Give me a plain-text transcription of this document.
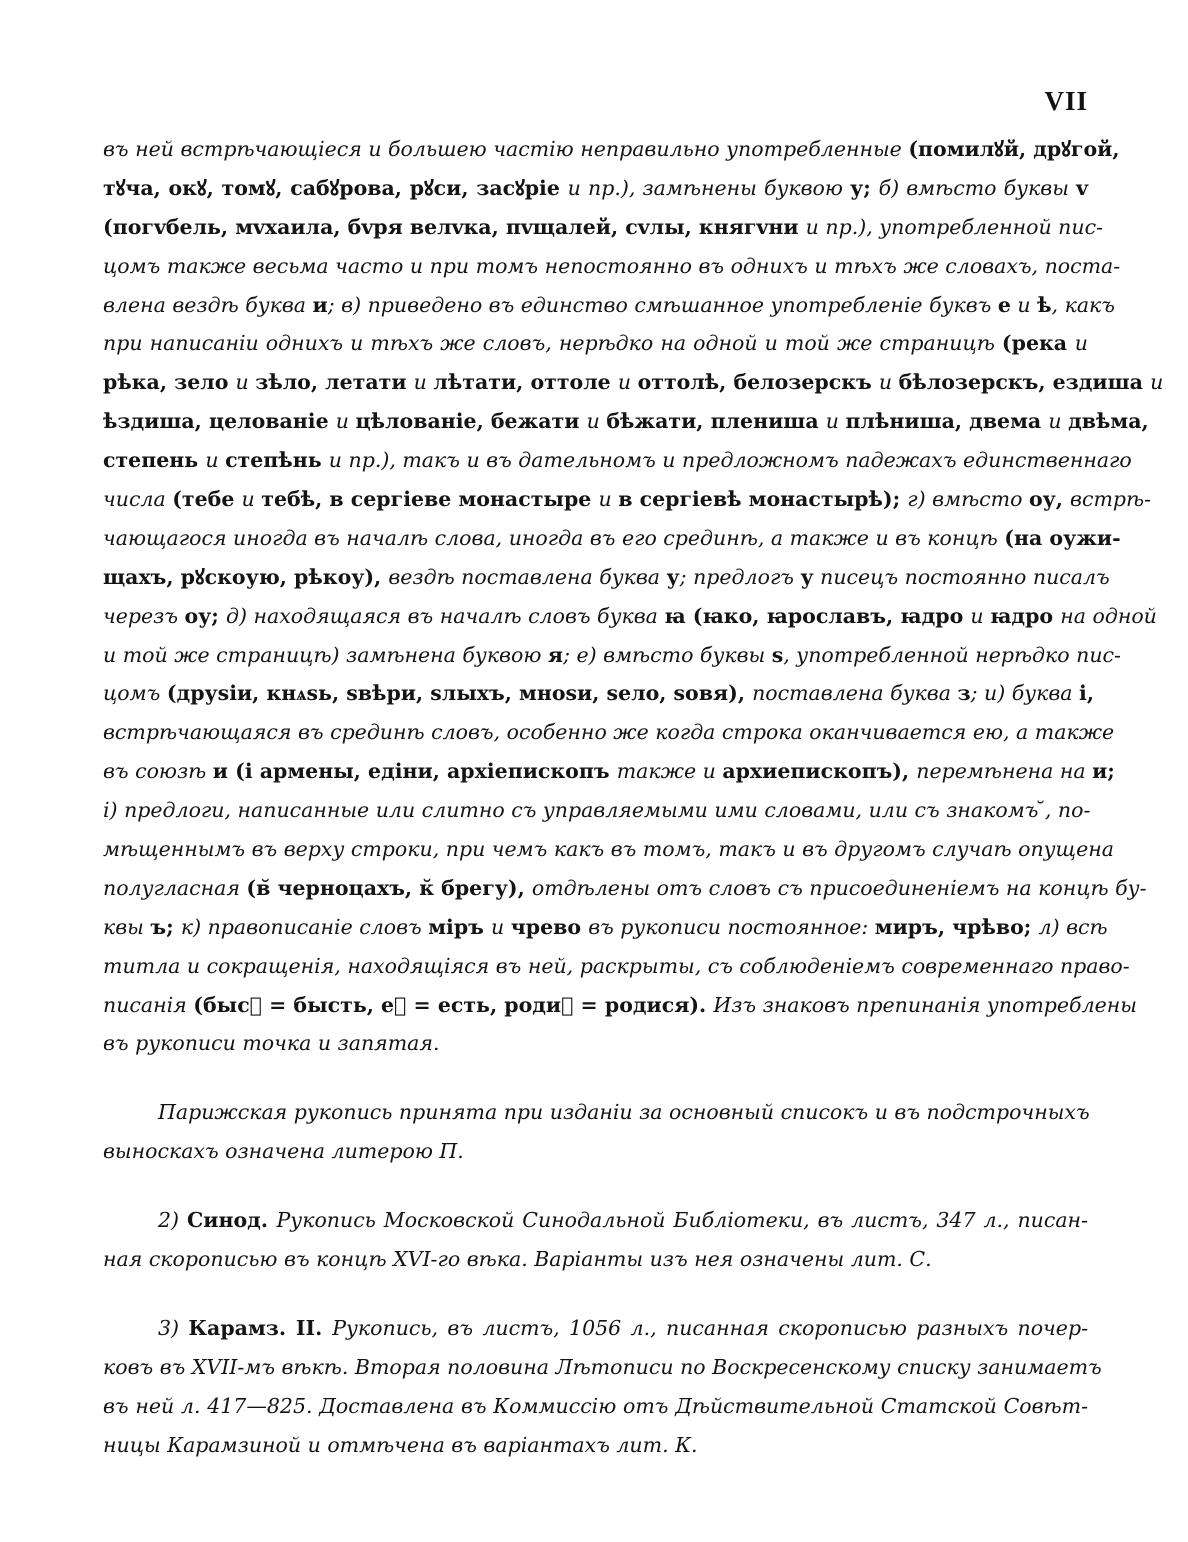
VII
въ ней встрѣчающіеся и большею частію неправильно употребленные (помилꙋй, дрꙋгой,
тꙋча, окꙋ, томꙋ, сабꙋрова, рꙋси, засꙋріе и пр.), замѣнены буквою у; б) вмѣсто буквы v
(погvбель, мvхаила, бvря велvка, пvщалей, сvлы, княгvни и пр.), употребленной пис-
цомъ также весьма часто и при томъ непостоянно въ однихъ и тѣхъ же словахъ, поста-
влена вездѣ буква и; в) приведено въ единство смѣшанное употребленіе буквъ е и ѣ, какъ
при написаніи однихъ и тѣхъ же словъ, нерѣдко на одной и той же страницѣ (река и
рѣка, зело и зѣло, летати и лѣтати, оттоле и оттолѣ, белозерскъ и бѣлозерскъ, ездиша и
ѣздиша, целованіе и цѣлованіе, бежати и бѣжати, плениша и плѣниша, двема и двѣма,
степень и степѣнь и пр.), такъ и въ дательномъ и предложномъ падежахъ единственнаго
числа (тебе и тебѣ, в сергіеве монастыре и в сергіевѣ монастырѣ); г) вмѣсто оу, встрѣ-
чающагося иногда въ началѣ слова, иногда въ его срединѣ, а также и въ концѣ (на оужи-
щахъ, рꙋскоую, рѣкоу), вездѣ поставлена буква у; предлогъ у писецъ постоянно писалъ
черезъ оу; д) находящаяся въ началѣ словъ буква ꙗ (ꙗко, ꙗрославъ, ꙗдро и ꙗдро на одной
и той же страницѣ) замѣнена буквою я; е) вмѣсто буквы ѕ, употребленной нерѣдко пис-
цомъ (друѕіи, кнѧѕь, ѕвѣри, ѕлыхъ, мноѕи, ѕело, ѕовя), поставлена буква з; и) буква і,
встрѣчающаяся въ срединѣ словъ, особенно же когда строка оканчивается ею, а также
въ союзѣ и (і армены, едіни, архіепископъ также и архиепископъ), перемѣнена на и;
і) предлоги, написанные или слитно съ управляемыми ими словами, или съ знакомъ ̆, по-
мѣщеннымъ въ верху строки, при чемъ какъ въ томъ, такъ и въ другомъ случаѣ опущена
полугласная (в̆ черноцахъ, к̆ брегу), отдѣлены отъ словъ съ присоединеніемъ на концѣ бу-
квы ъ; к) правописаніе словъ міръ и чрево въ рукописи постоянное: миръ, чрѣво; л) всѣ
титла и сокращенія, находящіяся въ ней, раскрыты, съ соблюденіемъ современнаго право-
писанія (бысᷓ = бысть, еᷓ = есть, родиᷓ = родися). Изъ знаковъ препинанія употреблены
въ рукописи точка и запятая.
Парижская рукопись принята при изданіи за основный списокъ и въ подстрочныхъ
выноскахъ означена литерою П.
2) Синод. Рукопись Московской Синодальной Библіотеки, въ листъ, 347 л., писан-
ная скорописью въ концѣ XVI-го вѣка. Варіанты изъ нея означены лит. С.
3) Карамз. II. Рукопись, въ листъ, 1056 л., писанная скорописью разныхъ почер-
ковъ въ XVII-мъ вѣкѣ. Вторая половина Лѣтописи по Воскресенскому списку занимаетъ
въ ней л. 417—825. Доставлена въ Коммиссію отъ Дѣйствительной Статской Совѣт-
ницы Карамзиной и отмѣчена въ варіантахъ лит. К.
